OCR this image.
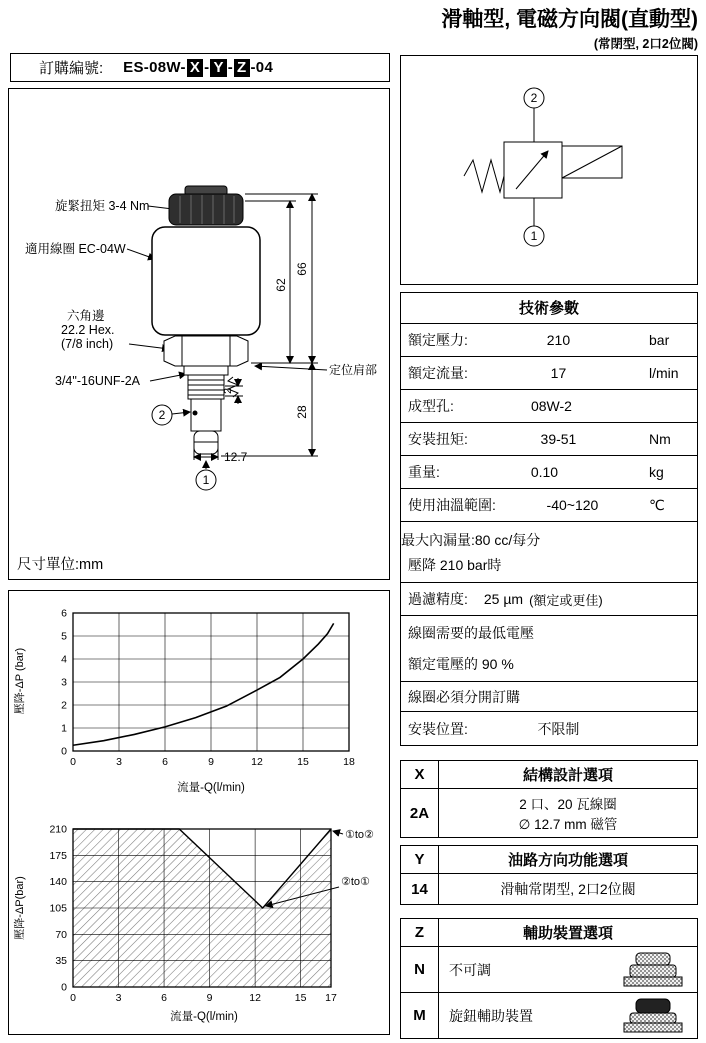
滑軸型, 電磁方向閥(直動型)
(常閉型, 2口2位閥)
訂購編號: ES-08W- X - Y - Z -04
旋緊扭矩 3-4 Nm
適用線圈 EC-04W
六角邊
22.2 Hex.
(7/8 inch)
3/4"-16UNF-2A
定位肩部
2
1
62
66
28
2
12.7
尺寸單位:mm
2
1
技術參數
額定壓力:	210	bar
額定流量:	17	l/min
成型孔:	08W-2
安裝扭矩:	39-51	Nm
重量:	0.10	kg
使用油溫範圍:	-40~120	℃
最大內漏量: 80 cc/每分
壓降 210 bar時
過濾精度: 25 µm (額定或更佳)
線圈需要的最低電壓
額定電壓的 90 %
線圈必須分開訂購
安裝位置:	不限制
壓降-ΔP (bar)
流量-Q(l/min)
0	3	6	9	12	15	18
0
1
2
3
4
5
6
壓降-ΔP(bar)
流量-Q(l/min)
0	3	6	9	12	15 17
0
35
70
105
140
175
210	①to②
②to①
X	結構設計選項
2A	2 口、20 瓦線圈
∅ 12.7 mm 磁管
Y	油路方向功能選項
14	滑軸常閉型, 2口2位閥
Z	輔助裝置選項
N	不可調
M	旋鈕輔助裝置
